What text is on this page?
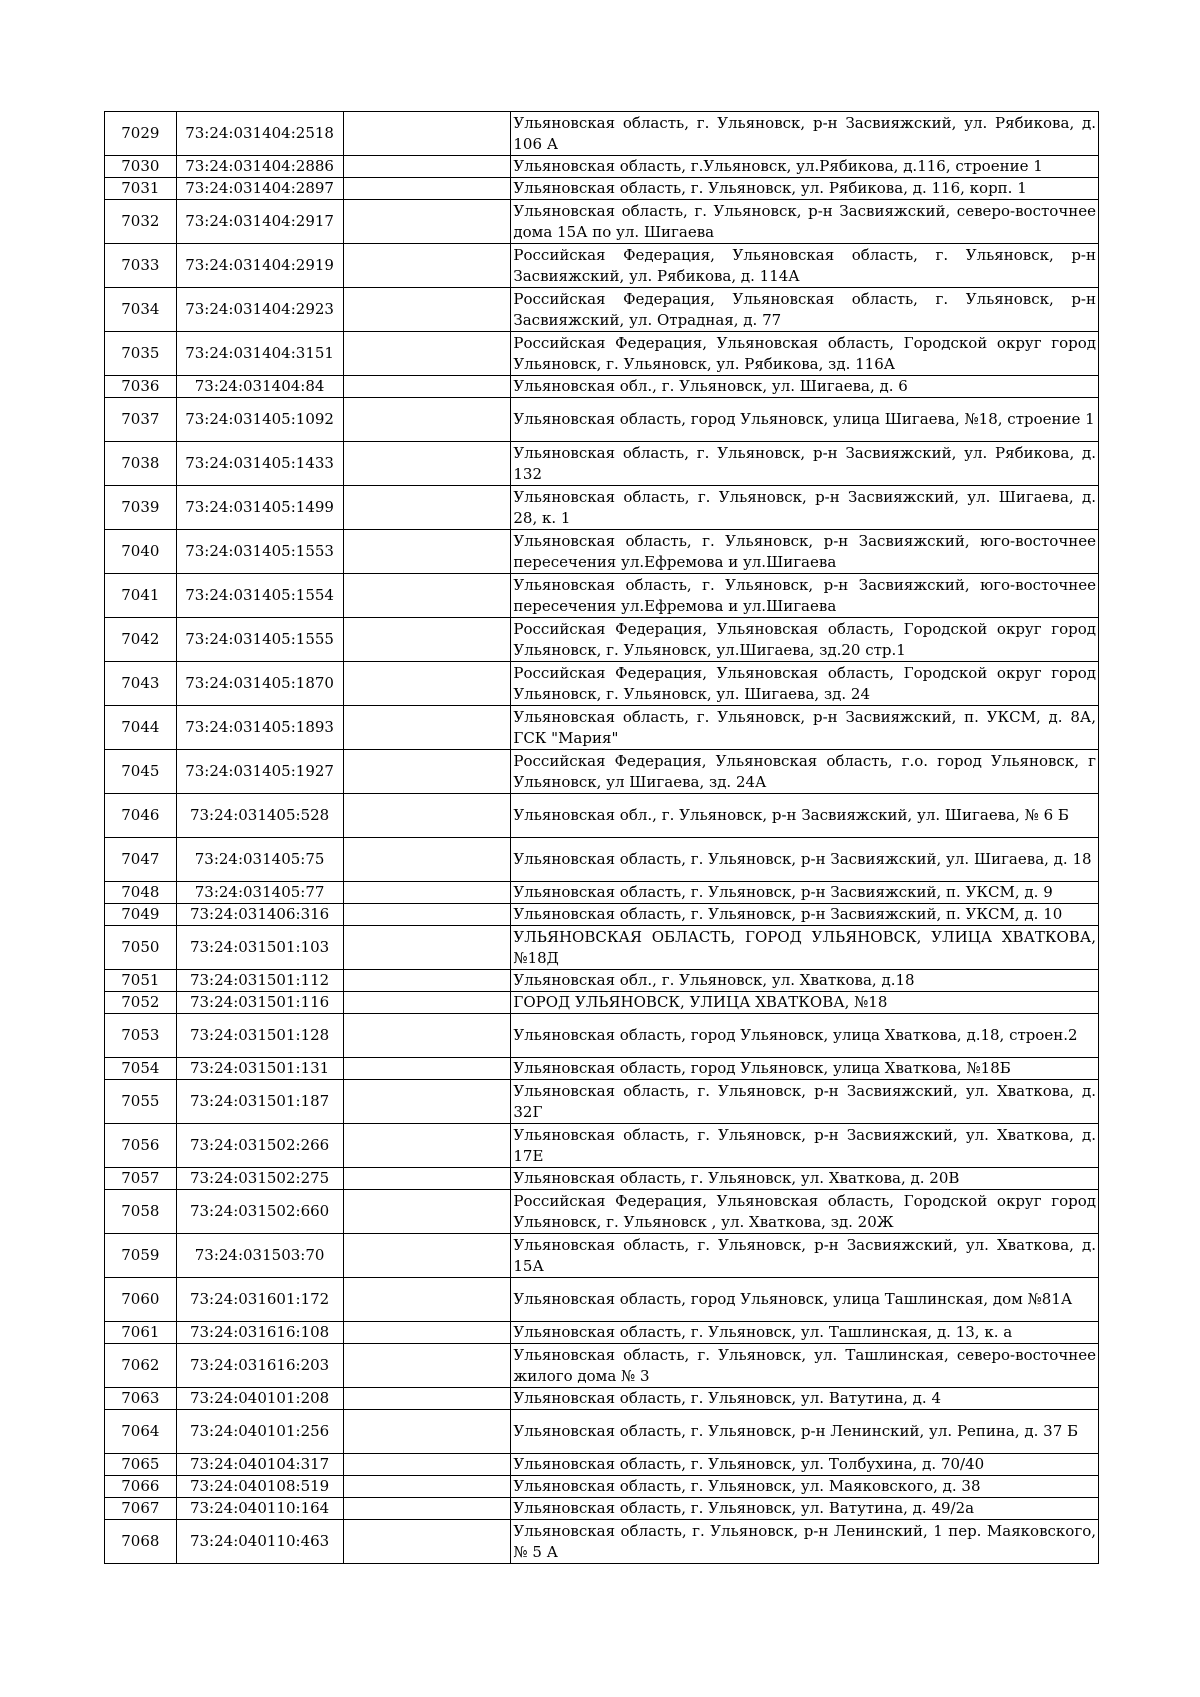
7029	73:24:031404:2518		Ульяновская область, г. Ульяновск, р-н Засвияжский, ул. Рябикова, д. 106 А
7030	73:24:031404:2886		Ульяновская область, г.Ульяновск, ул.Рябикова, д.116, строение 1
7031	73:24:031404:2897		Ульяновская область, г. Ульяновск, ул. Рябикова, д. 116, корп. 1
7032	73:24:031404:2917		Ульяновская область, г. Ульяновск, р-н Засвияжский, северо-восточнее дома 15А по ул. Шигаева
7033	73:24:031404:2919		Российская Федерация, Ульяновская область, г. Ульяновск, р-н Засвияжский, ул. Рябикова, д. 114А
7034	73:24:031404:2923		Российская Федерация, Ульяновская область, г. Ульяновск, р-н Засвияжский, ул. Отрадная, д. 77
7035	73:24:031404:3151		Российская Федерация, Ульяновская область, Городской округ город Ульяновск, г. Ульяновск, ул. Рябикова, зд. 116А
7036	73:24:031404:84		Ульяновская обл., г. Ульяновск, ул. Шигаева, д. 6
7037	73:24:031405:1092		Ульяновская область, город Ульяновск, улица Шигаева, №18, строение 1
7038	73:24:031405:1433		Ульяновская область, г. Ульяновск, р-н Засвияжский, ул. Рябикова, д. 132
7039	73:24:031405:1499		Ульяновская область, г. Ульяновск, р-н Засвияжский, ул. Шигаева, д. 28, к. 1
7040	73:24:031405:1553		Ульяновская область, г. Ульяновск, р-н Засвияжский, юго-восточнее пересечения ул.Ефремова и ул.Шигаева
7041	73:24:031405:1554		Ульяновская область, г. Ульяновск, р-н Засвияжский, юго-восточнее пересечения ул.Ефремова и ул.Шигаева
7042	73:24:031405:1555		Российская Федерация, Ульяновская область, Городской округ город Ульяновск, г. Ульяновск, ул.Шигаева, зд.20 стр.1
7043	73:24:031405:1870		Российская Федерация, Ульяновская область, Городской округ город Ульяновск, г. Ульяновск, ул. Шигаева, зд. 24
7044	73:24:031405:1893		Ульяновская область, г. Ульяновск, р-н Засвияжский, п. УКСМ, д. 8А, ГСК "Мария"
7045	73:24:031405:1927		Российская Федерация, Ульяновская область, г.о. город Ульяновск, г Ульяновск, ул Шигаева, зд. 24А
7046	73:24:031405:528		Ульяновская обл., г. Ульяновск, р-н Засвияжский, ул. Шигаева, № 6 Б
7047	73:24:031405:75		Ульяновская область, г. Ульяновск, р-н Засвияжский, ул. Шигаева, д. 18
7048	73:24:031405:77		Ульяновская область, г. Ульяновск, р-н Засвияжский, п. УКСМ, д. 9
7049	73:24:031406:316		Ульяновская область, г. Ульяновск, р-н Засвияжский, п. УКСМ, д. 10
7050	73:24:031501:103		УЛЬЯНОВСКАЯ ОБЛАСТЬ, ГОРОД УЛЬЯНОВСК, УЛИЦА ХВАТКОВА, №18Д
7051	73:24:031501:112		Ульяновская обл., г. Ульяновск, ул. Хваткова, д.18
7052	73:24:031501:116		ГОРОД УЛЬЯНОВСК, УЛИЦА ХВАТКОВА, №18
7053	73:24:031501:128		Ульяновская область, город Ульяновск, улица Хваткова, д.18, строен.2
7054	73:24:031501:131		Ульяновская область, город Ульяновск, улица Хваткова, №18Б
7055	73:24:031501:187		Ульяновская область, г. Ульяновск, р-н Засвияжский, ул. Хваткова, д. 32Г
7056	73:24:031502:266		Ульяновская область, г. Ульяновск, р-н Засвияжский, ул. Хваткова, д. 17Е
7057	73:24:031502:275		Ульяновская область, г. Ульяновск, ул. Хваткова, д. 20В
7058	73:24:031502:660		Российская Федерация, Ульяновская область, Городской округ город Ульяновск, г. Ульяновск , ул. Хваткова, зд. 20Ж
7059	73:24:031503:70		Ульяновская область, г. Ульяновск, р-н Засвияжский, ул. Хваткова, д. 15А
7060	73:24:031601:172		Ульяновская область, город Ульяновск, улица Ташлинская, дом №81А
7061	73:24:031616:108		Ульяновская область, г. Ульяновск, ул. Ташлинская, д. 13, к. а
7062	73:24:031616:203		Ульяновская область, г. Ульяновск, ул. Ташлинская, северо-восточнее жилого дома № 3
7063	73:24:040101:208		Ульяновская область, г. Ульяновск, ул. Ватутина, д. 4
7064	73:24:040101:256		Ульяновская область, г. Ульяновск, р-н Ленинский, ул. Репина, д. 37 Б
7065	73:24:040104:317		Ульяновская область, г. Ульяновск, ул. Толбухина, д. 70/40
7066	73:24:040108:519		Ульяновская область, г. Ульяновск, ул. Маяковского, д. 38
7067	73:24:040110:164		Ульяновская область, г. Ульяновск, ул. Ватутина, д. 49/2а
7068	73:24:040110:463		Ульяновская область, г. Ульяновск, р-н Ленинский, 1 пер. Маяковского, № 5 А
